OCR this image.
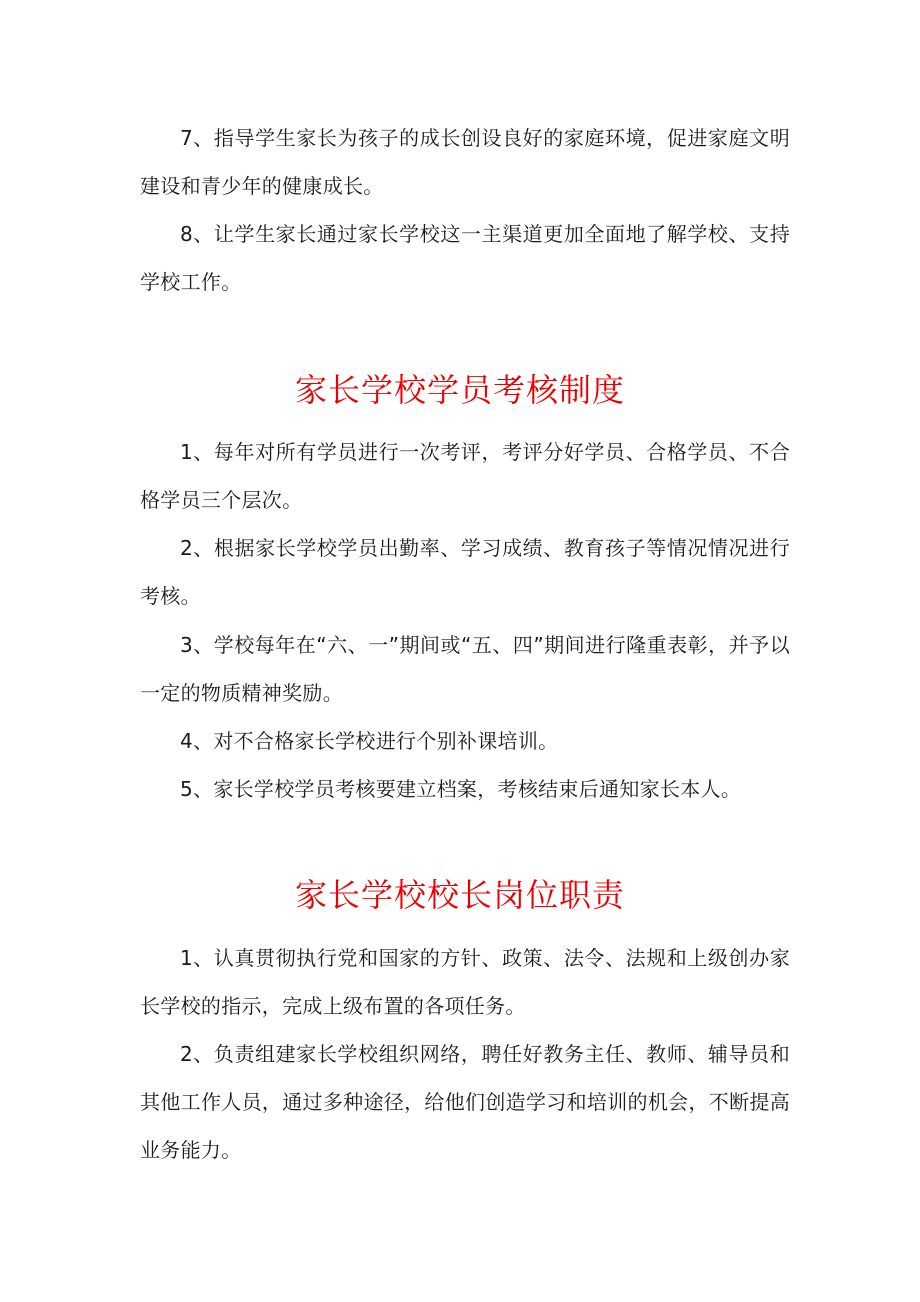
7、指导学生家长为孩子的成长创设良好的家庭环境，促进家庭文明建设和青少年的健康成长。

8、让学生家长通过家长学校这一主渠道更加全面地了解学校、支持学校工作。

家长学校学员考核制度

1、每年对所有学员进行一次考评，考评分好学员、合格学员、不合格学员三个层次。

2、根据家长学校学员出勤率、学习成绩、教育孩子等情况情况进行考核。

3、学校每年在“六、一”期间或“五、四”期间进行隆重表彰，并予以一定的物质精神奖励。

4、对不合格家长学校进行个别补课培训。

5、家长学校学员考核要建立档案，考核结束后通知家长本人。

家长学校校长岗位职责

1、认真贯彻执行党和国家的方针、政策、法令、法规和上级创办家长学校的指示，完成上级布置的各项任务。

2、负责组建家长学校组织网络，聘任好教务主任、教师、辅导员和其他工作人员，通过多种途径，给他们创造学习和培训的机会，不断提高业务能力。
